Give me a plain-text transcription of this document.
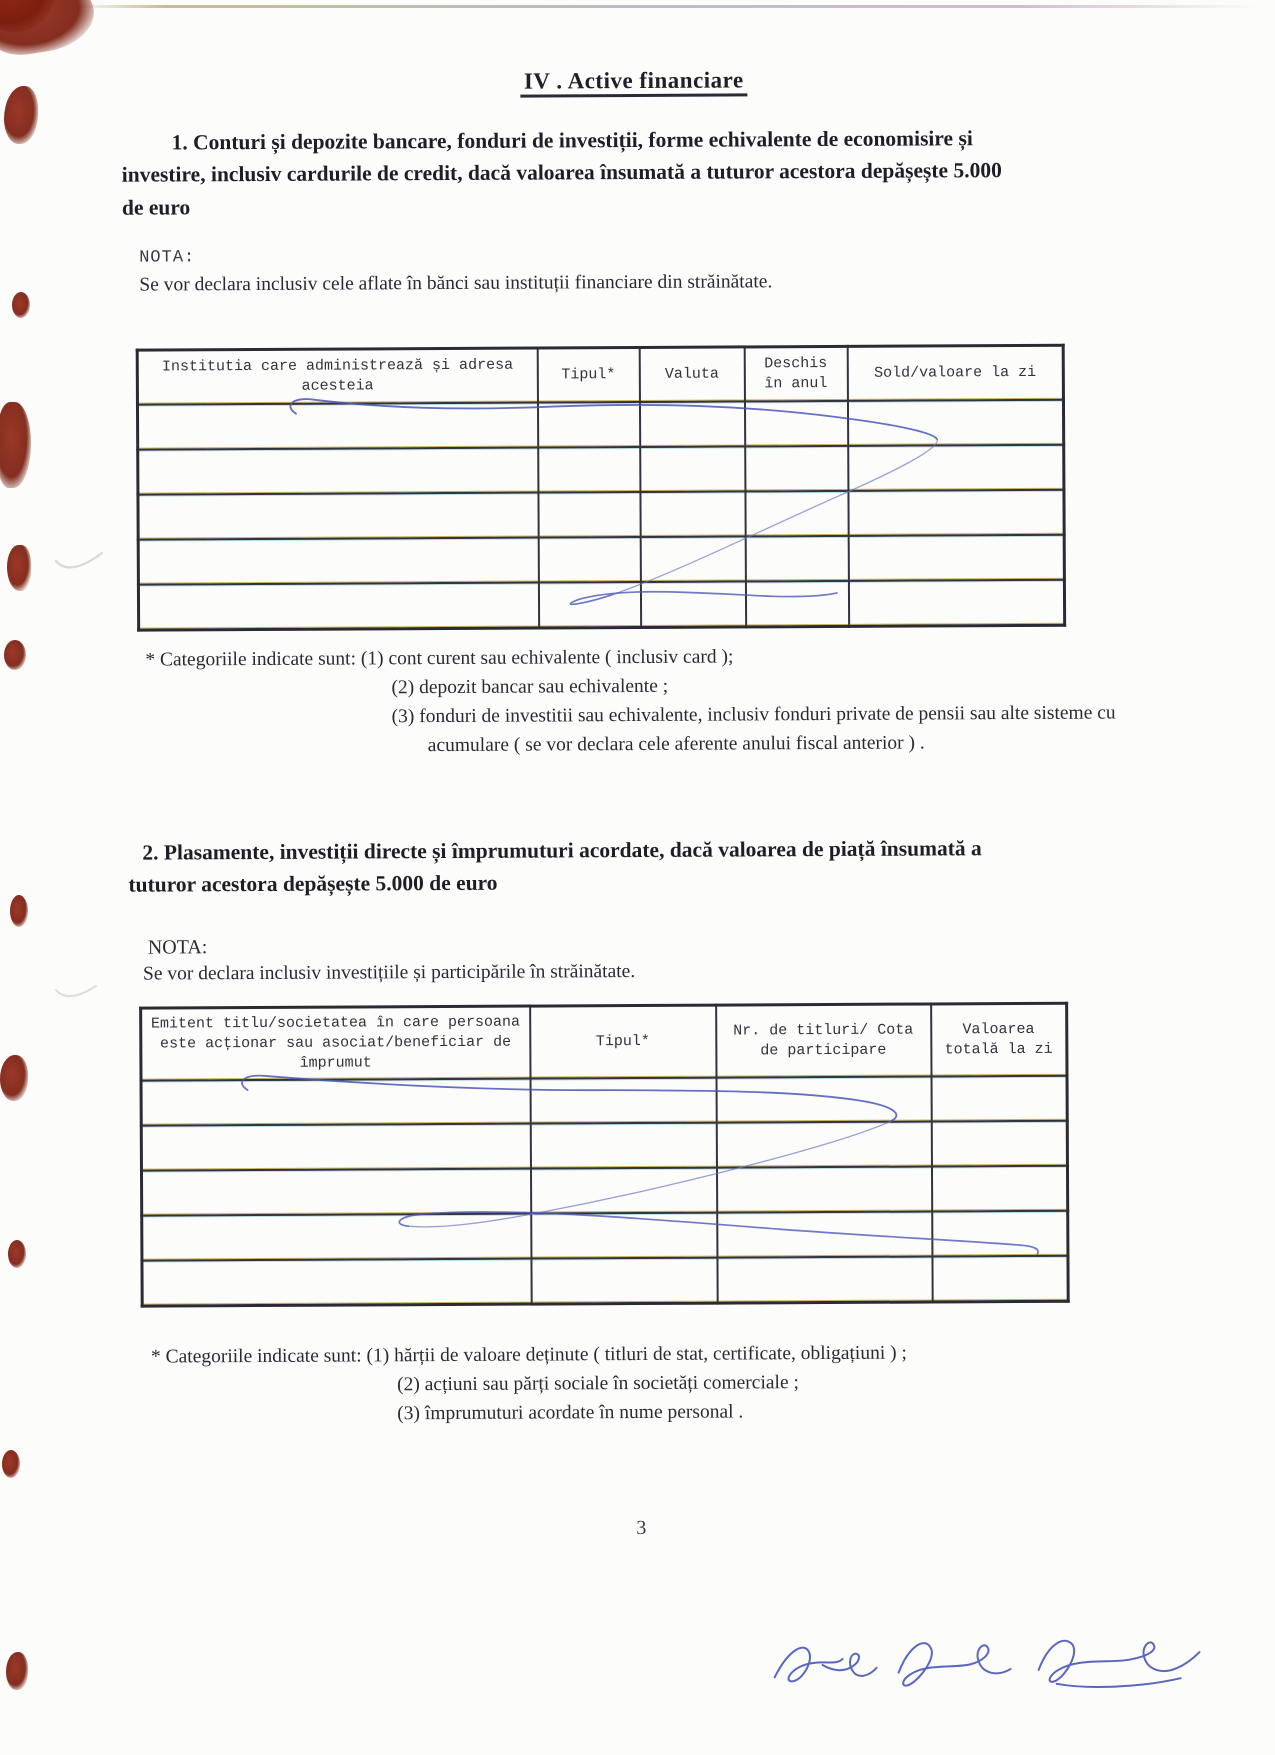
IV . Active financiare
1. Conturi și depozite bancare, fonduri de investiții, forme echivalente de economisire și investire, inclusiv cardurile de credit, dacă valoarea însumată a tuturor acestora depășește 5.000 de euro
NOTA:
Se vor declara inclusiv cele aflate în bănci sau instituții financiare din străinătate.
Institutia care administrează și adresa acesteia	Tipul*	Valuta	Deschis în anul	Sold/valoare la zi

* Categoriile indicate sunt: (1) cont curent sau echivalente ( inclusiv card );
(2) depozit bancar sau echivalente ;
(3) fonduri de investitii sau echivalente, inclusiv fonduri private de pensii sau alte sisteme cu acumulare ( se vor declara cele aferente anului fiscal anterior ) .
2. Plasamente, investiții directe și împrumuturi acordate, dacă valoarea de piață însumată a tuturor acestora depășește 5.000 de euro
NOTA:
Se vor declara inclusiv investițiile și participările în străinătate.
Emitent titlu/societatea în care persoana este acționar sau asociat/beneficiar de împrumut	Tipul*	Nr. de titluri/ Cota de participare	Valoarea totală la zi

* Categoriile indicate sunt: (1) hărții de valoare deținute ( titluri de stat, certificate, obligațiuni ) ;
(2) acțiuni sau părți sociale în societăți comerciale ;
(3) împrumuturi acordate în nume personal .
3
